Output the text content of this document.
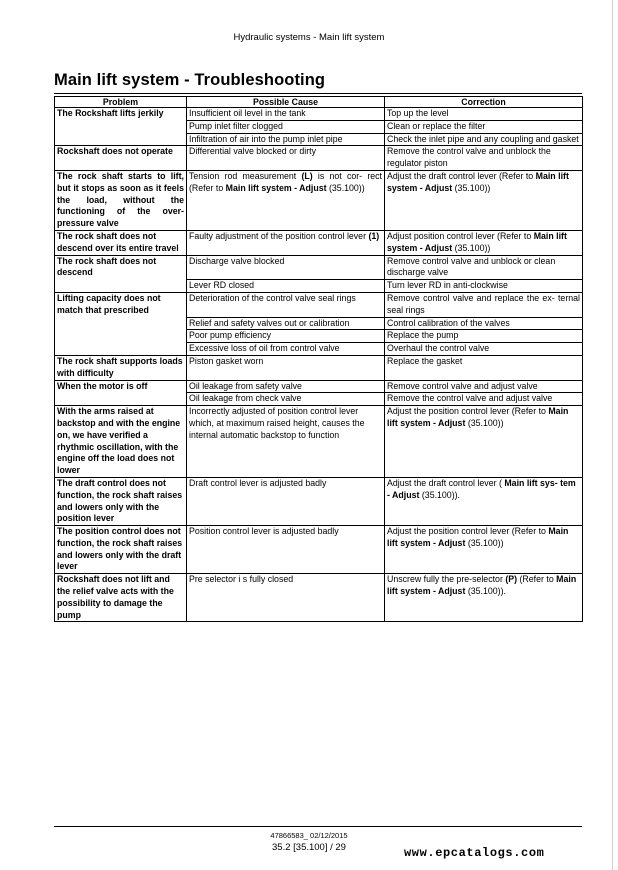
Hydraulic systems - Main lift system
Main lift system - Troubleshooting
Problem	Possible Cause	Correction
The Rockshaft lifts jerkily	Insufficient oil level in the tank	Top up the level
	Pump inlet filter clogged	Clean or replace the filter
	Infiltration of air into the pump inlet pipe	Check the inlet pipe and any coupling and gasket
Rockshaft does not operate	Differential valve blocked or dirty	Remove the control valve and unblock the regulator piston
The rock shaft starts to lift, but it stops as soon as it feels the load, without the functioning of the over-pressure valve	Tension rod measurement (L) is not cor- rect (Refer to Main lift system - Adjust (35.100))	Adjust the draft control lever (Refer to Main lift system - Adjust (35.100))
The rock shaft does not descend over its entire travel	Faulty adjustment of the position control lever (1)	Adjust position control lever (Refer to Main lift system - Adjust (35.100))
The rock shaft does not descend	Discharge valve blocked	Remove control valve and unblock or clean discharge valve
	Lever RD closed	Turn lever RD in anti-clockwise
Lifting capacity does not match that prescribed	Deterioration of the control valve seal rings	Remove control valve and replace the ex- ternal seal rings
	Relief and safety valves out or calibration	Control calibration of the valves
	Poor pump efficiency	Replace the pump
	Excessive loss of oil from control valve	Overhaul the control valve
The rock shaft supports loads with difficulty	Piston gasket worn	Replace the gasket
When the motor is off	Oil leakage from safety valve	Remove control valve and adjust valve
	Oil leakage from check valve	Remove the control valve and adjust valve
With the arms raised at backstop and with the engine on, we have verified a rhythmic oscillation, with the engine off the load does not lower	Incorrectly adjusted of position control lever which, at maximum raised height, causes the internal automatic backstop to function	Adjust the position control lever (Refer to Main lift system - Adjust (35.100))
The draft control does not function, the rock shaft raises and lowers only with the position lever	Draft control lever is adjusted badly	Adjust the draft control lever ( Main lift sys- tem - Adjust (35.100)).
The position control does not function, the rock shaft raises and lowers only with the draft lever	Position control lever is adjusted badly	Adjust the position control lever (Refer to Main lift system - Adjust (35.100))
Rockshaft does not lift and the relief valve acts with the possibility to damage the pump	Pre selector i s fully closed	Unscrew fully the pre-selector (P) (Refer to Main lift system - Adjust (35.100)).
47866583_ 02/12/2015
35.2 [35.100] / 29	www.epcatalogs.com
